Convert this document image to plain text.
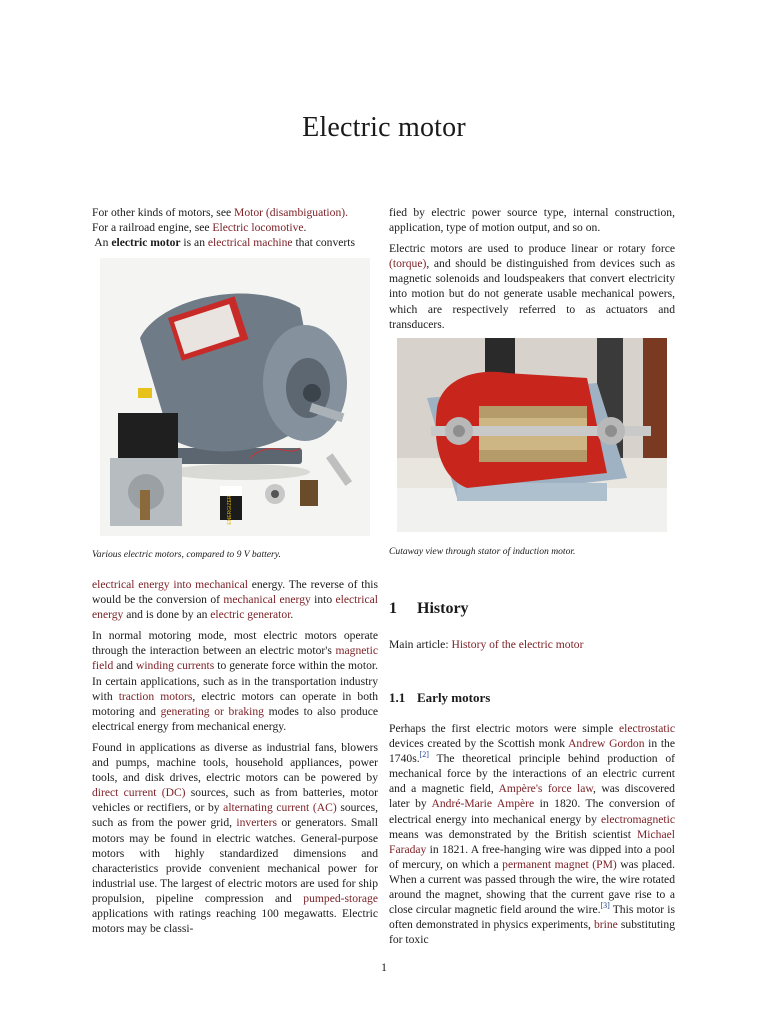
Electric motor

For other kinds of motors, see Motor (disambiguation).

For a railroad engine, see Electric locomotive.

An electric motor is an electrical machine that converts

ENERGIZER
Various electric motors, compared to 9 V battery.

electrical energy into mechanical energy. The reverse of this would be the conversion of mechanical energy into electrical energy and is done by an electric generator.

In normal motoring mode, most electric motors operate through the interaction between an electric motor's magnetic field and winding currents to generate force within the motor. In certain applications, such as in the transportation industry with traction motors, electric motors can operate in both motoring and generating or braking modes to also produce electrical energy from mechanical energy.

Found in applications as diverse as industrial fans, blowers and pumps, machine tools, household appliances, power tools, and disk drives, electric motors can be powered by direct current (DC) sources, such as from batteries, motor vehicles or rectifiers, or by alternating current (AC) sources, such as from the power grid, inverters or generators. Small motors may be found in electric watches. General-purpose motors with highly standardized dimensions and characteristics provide convenient mechanical power for industrial use. The largest of electric motors are used for ship propulsion, pipeline compression and pumped-storage applications with ratings reaching 100 megawatts. Electric motors may be classi-

fied by electric power source type, internal construction, application, type of motion output, and so on.

Electric motors are used to produce linear or rotary force (torque), and should be distinguished from devices such as magnetic solenoids and loudspeakers that convert electricity into motion but do not generate usable mechanical powers, which are respectively referred to as actuators and transducers.

Cutaway view through stator of induction motor.
1 History

Main article: History of the electric motor

1.1 Early motors

Perhaps the first electric motors were simple electrostatic devices created by the Scottish monk Andrew Gordon in the 1740s.[2] The theoretical principle behind production of mechanical force by the interactions of an electric current and a magnetic field, Ampère's force law, was discovered later by André-Marie Ampère in 1820. The conversion of electrical energy into mechanical energy by electromagnetic means was demonstrated by the British scientist Michael Faraday in 1821. A free-hanging wire was dipped into a pool of mercury, on which a permanent magnet (PM) was placed. When a current was passed through the wire, the wire rotated around the magnet, showing that the current gave rise to a close circular magnetic field around the wire.[3] This motor is often demonstrated in physics experiments, brine substituting for toxic

1
